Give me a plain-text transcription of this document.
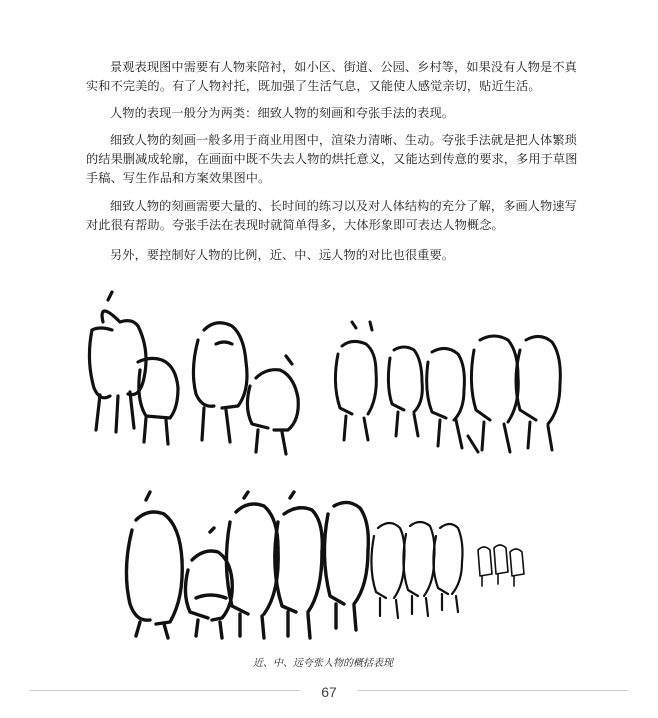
景观表现图中需要有人物来陪衬，如小区、街道、公园、乡村等，如果没有人物是不真实和不完美的。有了人物衬托，既加强了生活气息，又能使人感觉亲切，贴近生活。

人物的表现一般分为两类：细致人物的刻画和夸张手法的表现。

细致人物的刻画一般多用于商业用图中，渲染力清晰、生动。夸张手法就是把人体繁琐的结果删减成轮廓，在画面中既不失去人物的烘托意义，又能达到传意的要求，多用于草图手稿、写生作品和方案效果图中。

细致人物的刻画需要大量的、长时间的练习以及对人体结构的充分了解，多画人物速写对此很有帮助。夸张手法在表现时就简单得多，大体形象即可表达人物概念。

另外，要控制好人物的比例，近、中、远人物的对比也很重要。

近、中、远夸张人物的概括表现
67
